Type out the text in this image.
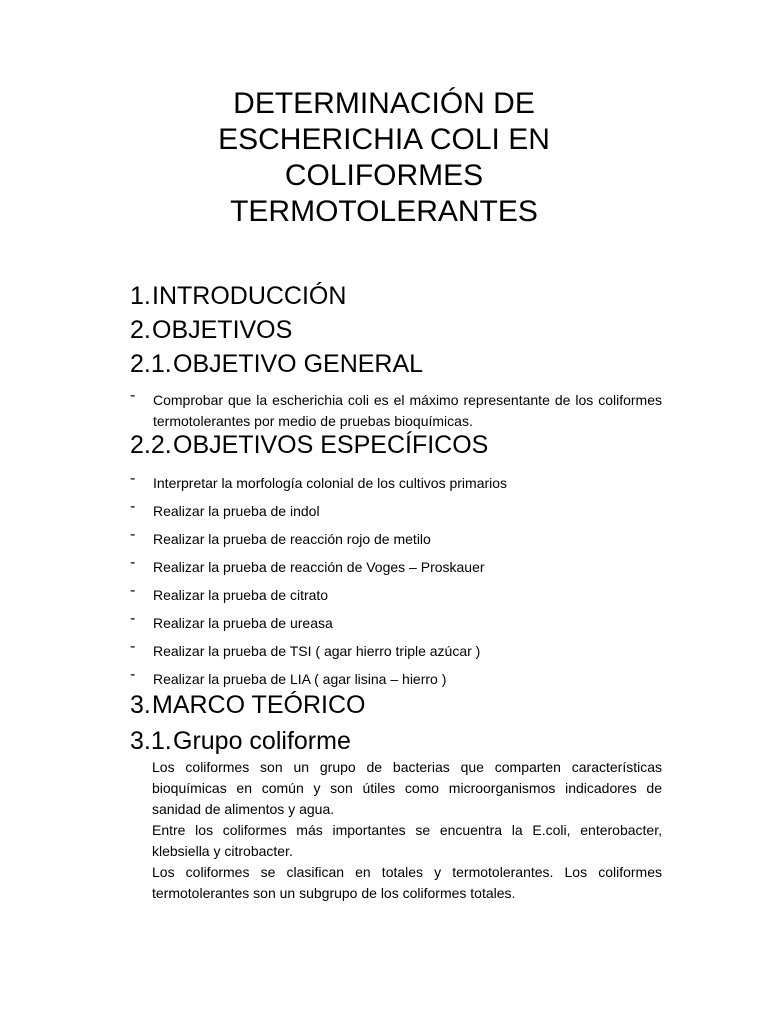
DETERMINACIÓN DE
ESCHERICHIA COLI EN
COLIFORMES
TERMOTOLERANTES
1.INTRODUCCIÓN
2.OBJETIVOS
2.1.OBJETIVO GENERAL
- Comprobar que la escherichia coli es el máximo representante de los coliformes termotolerantes por medio de pruebas bioquímicas.
2.2.OBJETIVOS ESPECÍFICOS
- Interpretar la morfología colonial de los cultivos primarios
- Realizar la prueba de indol
- Realizar la prueba de reacción rojo de metilo
- Realizar la prueba de reacción de Voges – Proskauer
- Realizar la prueba de citrato
- Realizar la prueba de ureasa
- Realizar la prueba de TSI ( agar hierro triple azúcar )
- Realizar la prueba de LIA ( agar lisina – hierro )
3.MARCO TEÓRICO
3.1.Grupo coliforme

Los coliformes son un grupo de bacterias que comparten características bioquímicas en común y son útiles como microorganismos indicadores de sanidad de alimentos y agua.

Entre los coliformes más importantes se encuentra la E.coli, enterobacter, klebsiella y citrobacter.

Los coliformes se clasifican en totales y termotolerantes. Los coliformes termotolerantes son un subgrupo de los coliformes totales.
